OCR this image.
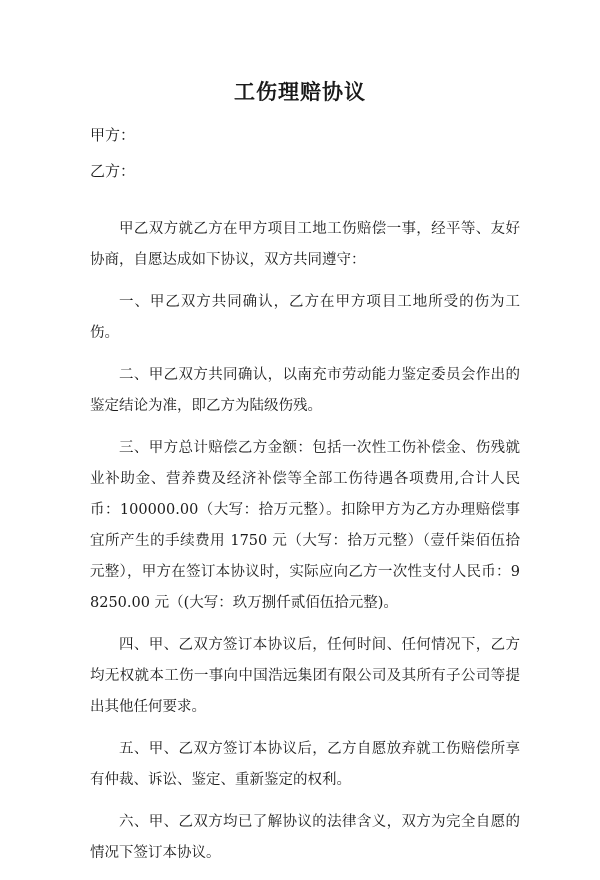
工伤理赔协议
甲方：
乙方：

甲乙双方就乙方在甲方项目工地工伤赔偿一事，经平等、友好协商，自愿达成如下协议，双方共同遵守：

一、甲乙双方共同确认，乙方在甲方项目工地所受的伤为工伤。

二、甲乙双方共同确认，以南充市劳动能力鉴定委员会作出的鉴定结论为准，即乙方为陆级伤残。

三、甲方总计赔偿乙方金额：包括一次性工伤补偿金、伤残就业补助金、营养费及经济补偿等全部工伤待遇各项费用,合计人民币：100000.00（大写：拾万元整）。扣除甲方为乙方办理赔偿事宜所产生的手续费用 1750 元（大写：拾万元整）（壹仟柒佰伍拾元整），甲方在签订本协议时，实际应向乙方一次性支付人民币：98250.00 元（(大写：玖万捌仟贰佰伍拾元整)。

四、甲、乙双方签订本协议后，任何时间、任何情况下，乙方均无权就本工伤一事向中国浩远集团有限公司及其所有子公司等提出其他任何要求。

五、甲、乙双方签订本协议后，乙方自愿放弃就工伤赔偿所享有仲裁、诉讼、鉴定、重新鉴定的权利。

六、甲、乙双方均已了解协议的法律含义，双方为完全自愿的情况下签订本协议。
